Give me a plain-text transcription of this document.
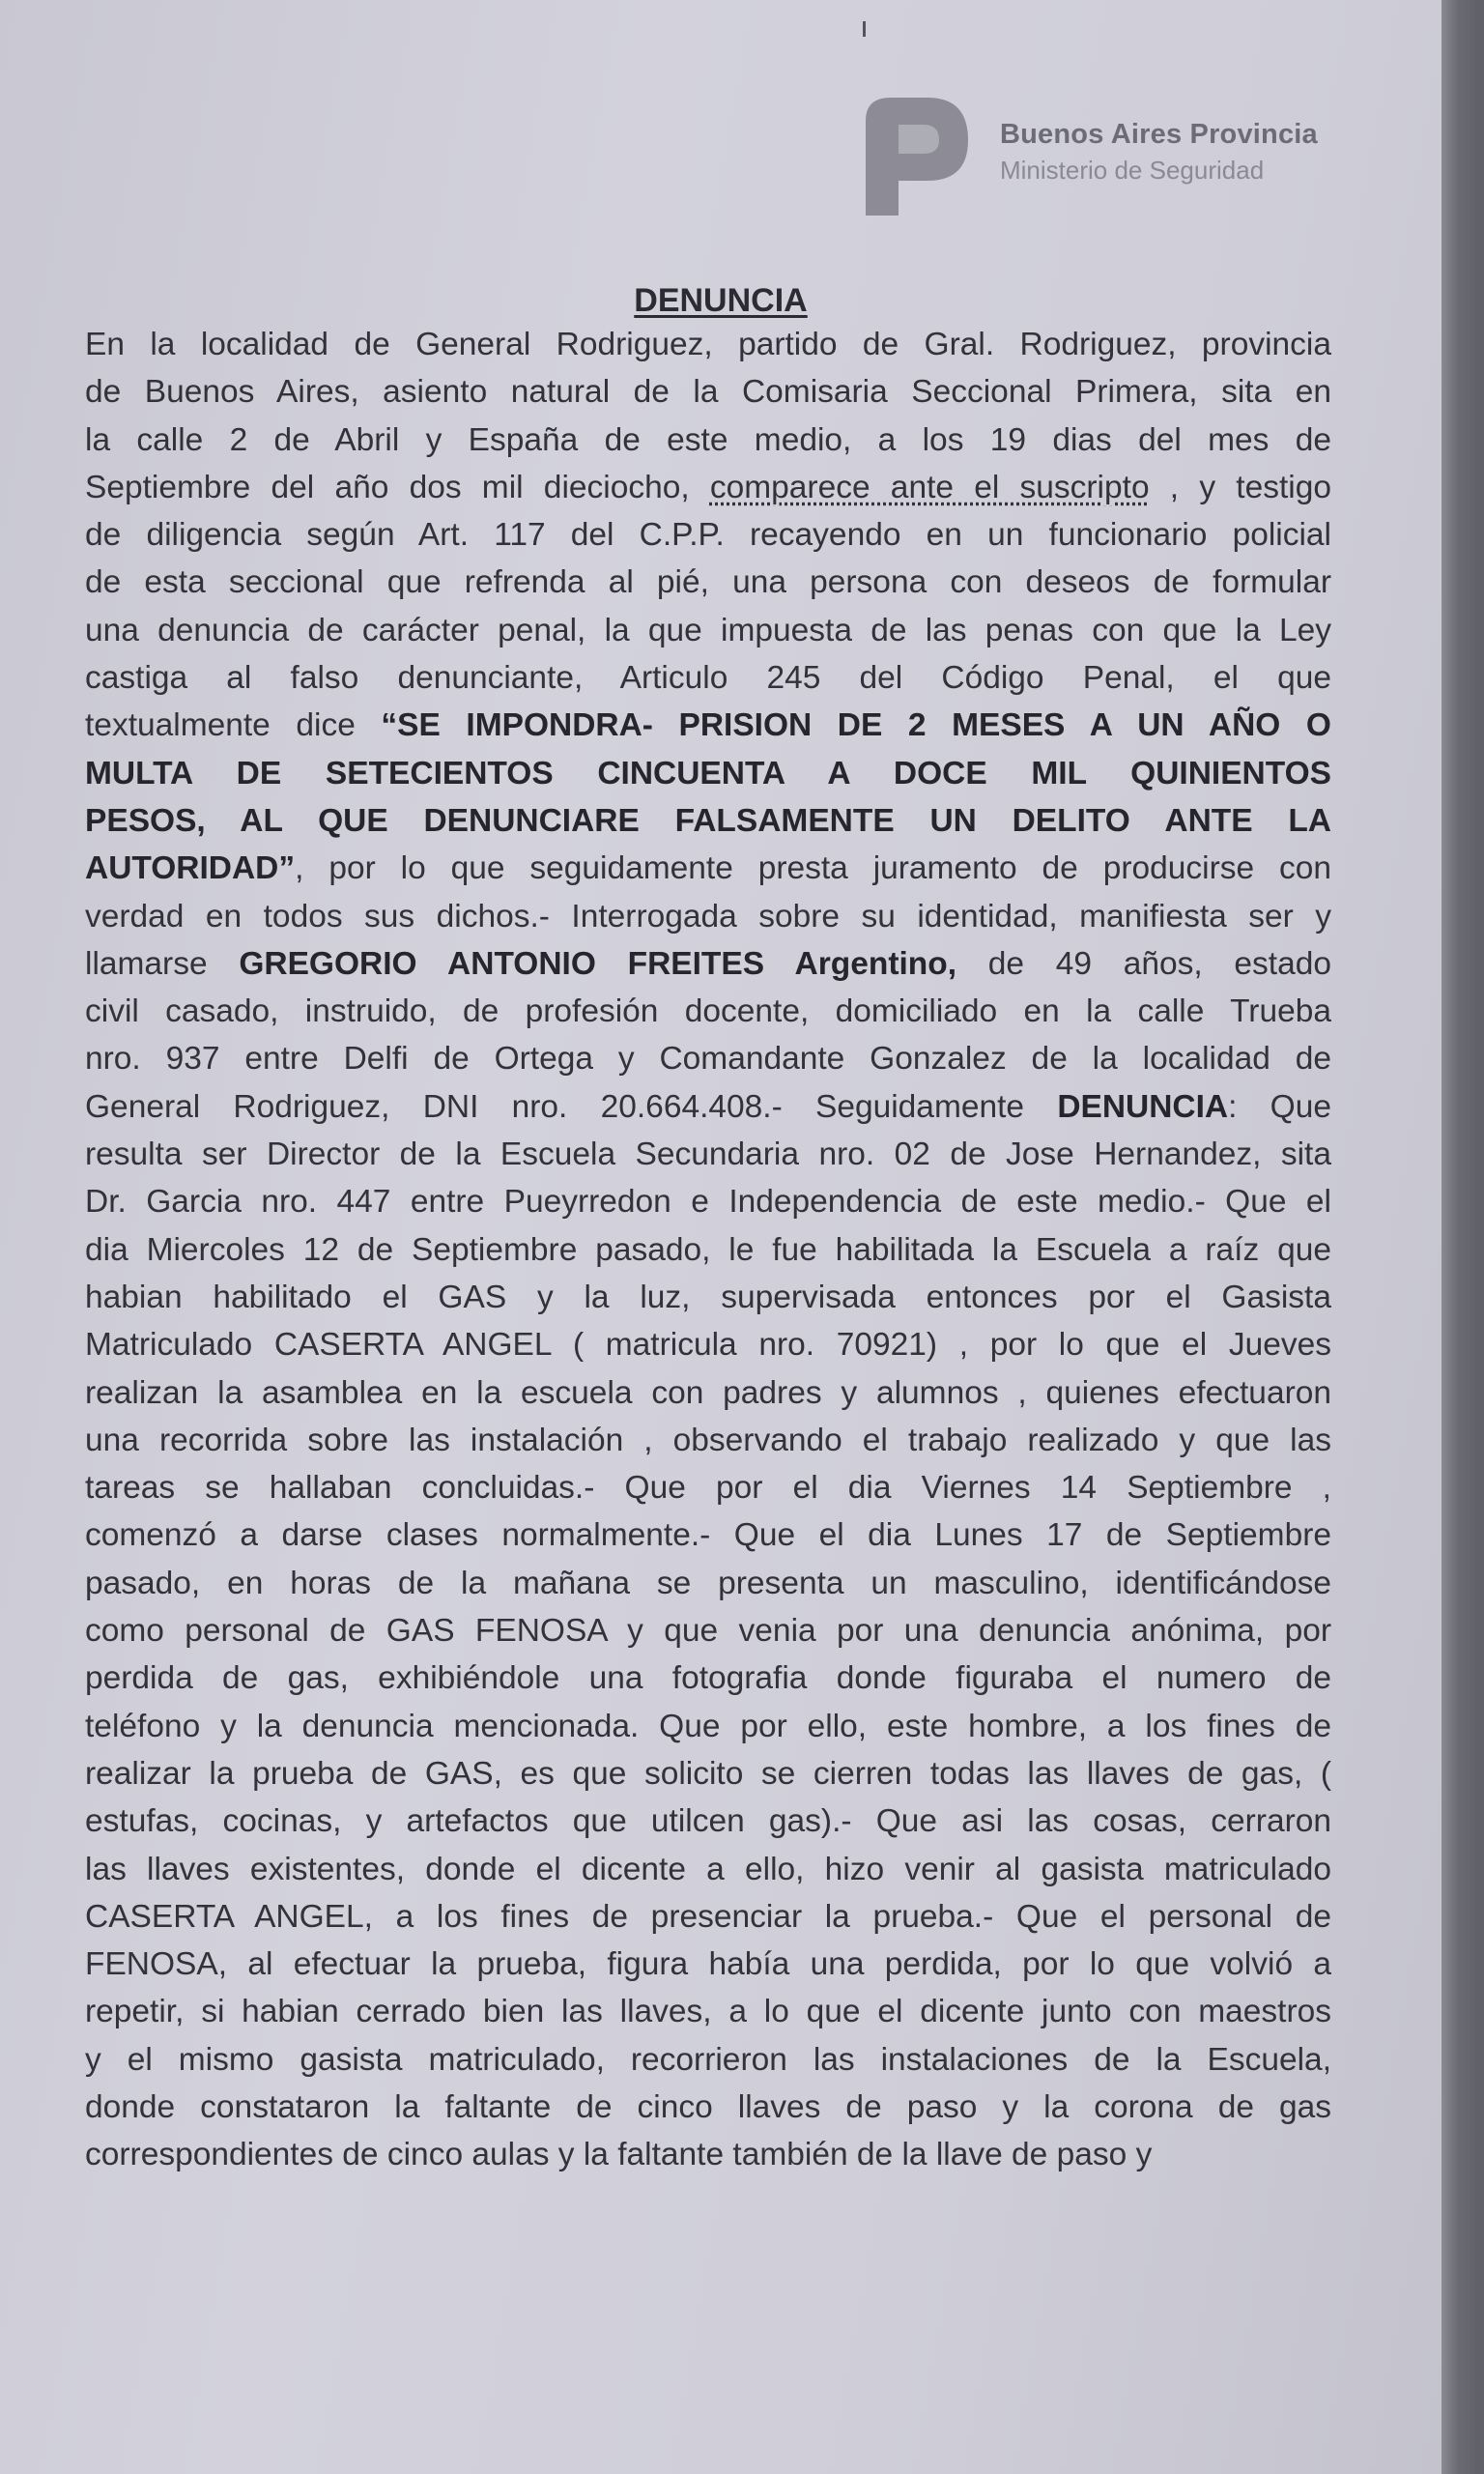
Buenos Aires Provincia
Ministerio de Seguridad
DENUNCIA
En la localidad de General Rodriguez, partido de Gral. Rodriguez, provincia
de Buenos Aires, asiento natural de la Comisaria Seccional Primera, sita en
la calle 2 de Abril y España de este medio, a los 19 dias del mes de
Septiembre del año dos mil dieciocho, comparece ante el suscripto , y testigo
de diligencia según Art. 117 del C.P.P. recayendo en un funcionario policial
de esta seccional que refrenda al pié, una persona con deseos de formular
una denuncia de carácter penal, la que impuesta de las penas con que la Ley
castiga al falso denunciante, Articulo 245 del Código Penal, el que
textualmente dice “SE IMPONDRA- PRISION DE 2 MESES A UN AÑO O
MULTA DE SETECIENTOS CINCUENTA A DOCE MIL QUINIENTOS
PESOS, AL QUE DENUNCIARE FALSAMENTE UN DELITO ANTE LA
AUTORIDAD”, por lo que seguidamente presta juramento de producirse con
verdad en todos sus dichos.- Interrogada sobre su identidad, manifiesta ser y
llamarse GREGORIO ANTONIO FREITES Argentino, de 49 años, estado
civil casado, instruido, de profesión docente, domiciliado en la calle Trueba
nro. 937 entre Delfi de Ortega y Comandante Gonzalez de la localidad de
General Rodriguez, DNI nro. 20.664.408.- Seguidamente DENUNCIA: Que
resulta ser Director de la Escuela Secundaria nro. 02 de Jose Hernandez, sita
Dr. Garcia nro. 447 entre Pueyrredon e Independencia de este medio.- Que el
dia Miercoles 12 de Septiembre pasado, le fue habilitada la Escuela a raíz que
habian habilitado el GAS y la luz, supervisada entonces por el Gasista
Matriculado CASERTA ANGEL ( matricula nro. 70921) , por lo que el Jueves
realizan la asamblea en la escuela con padres y alumnos , quienes efectuaron
una recorrida sobre las instalación , observando el trabajo realizado y que las
tareas se hallaban concluidas.- Que por el dia Viernes 14 Septiembre ,
comenzó a darse clases normalmente.- Que el dia Lunes 17 de Septiembre
pasado, en horas de la mañana se presenta un masculino, identificándose
como personal de GAS FENOSA y que venia por una denuncia anónima, por
perdida de gas, exhibiéndole una fotografia donde figuraba el numero de
teléfono y la denuncia mencionada. Que por ello, este hombre, a los fines de
realizar la prueba de GAS, es que solicito se cierren todas las llaves de gas, (
estufas, cocinas, y artefactos que utilcen gas).- Que asi las cosas, cerraron
las llaves existentes, donde el dicente a ello, hizo venir al gasista matriculado
CASERTA ANGEL, a los fines de presenciar la prueba.- Que el personal de
FENOSA, al efectuar la prueba, figura había una perdida, por lo que volvió a
repetir, si habian cerrado bien las llaves, a lo que el dicente junto con maestros
y el mismo gasista matriculado, recorrieron las instalaciones de la Escuela,
donde constataron la faltante de cinco llaves de paso y la corona de gas
correspondientes de cinco aulas y la faltante también de la llave de paso y
